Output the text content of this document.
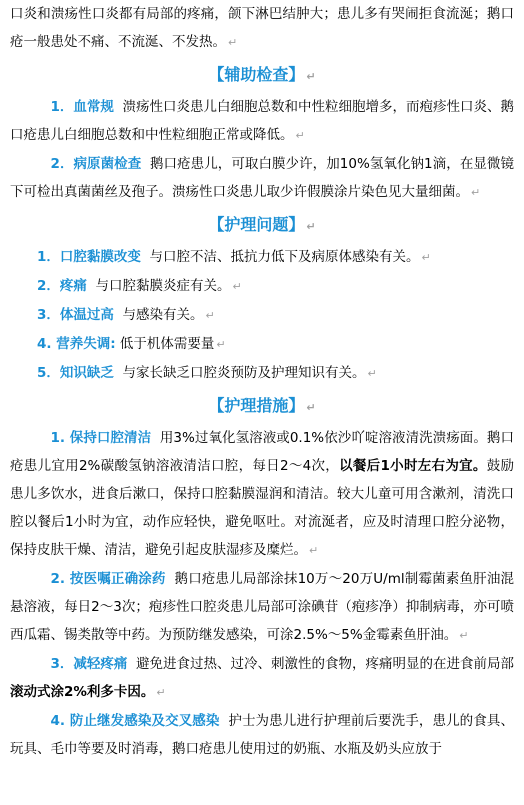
口炎和溃疡性口炎都有局部的疼痛，颌下淋巴结肿大；患儿多有哭闹拒食流涎；鹅口疮一般患处不痛、不流涎、不发热。 ↵

【辅助检查】 ↵

1．血常规 溃疡性口炎患儿白细胞总数和中性粒细胞增多，而疱疹性口炎、鹅口疮患儿白细胞总数和中性粒细胞正常或降低。 ↵

2．病原菌检查 鹅口疮患儿，可取白膜少许，加10%氢氧化钠1滴，在显微镜下可检出真菌菌丝及孢子。溃疡性口炎患儿取少许假膜涂片染色见大量细菌。 ↵

【护理问题】 ↵

1．口腔黏膜改变 与口腔不洁、抵抗力低下及病原体感染有关。 ↵

2．疼痛 与口腔黏膜炎症有关。 ↵

3．体温过高 与感染有关。 ↵

4. 营养失调: 低于机体需要量 ↵

5．知识缺乏 与家长缺乏口腔炎预防及护理知识有关。 ↵

【护理措施】 ↵

1. 保持口腔清洁 用3%过氧化氢溶液或0.1%依沙吖啶溶液清洗溃疡面。鹅口疮患儿宜用2%碳酸氢钠溶液清洁口腔，每日2～4次，以餐后1小时左右为宜。鼓励患儿多饮水，进食后漱口，保持口腔黏膜湿润和清洁。较大儿童可用含漱剂，清洗口腔以餐后1小时为宜，动作应轻快，避免呕吐。对流涎者，应及时清理口腔分泌物，保持皮肤干燥、清洁，避免引起皮肤湿疹及糜烂。 ↵

2. 按医嘱正确涂药 鹅口疮患儿局部涂抹10万～20万U/ml制霉菌素鱼肝油混悬溶液，每日2～3次；疱疹性口腔炎患儿局部可涂碘苷（疱疹净）抑制病毒，亦可喷西瓜霜、锡类散等中药。为预防继发感染，可涂2.5%～5%金霉素鱼肝油。 ↵

3．减轻疼痛 避免进食过热、过冷、刺激性的食物，疼痛明显的在进食前局部滚动式涂2%利多卡因。 ↵

4. 防止继发感染及交叉感染 护士为患儿进行护理前后要洗手，患儿的食具、玩具、毛巾等要及时消毒，鹅口疮患儿使用过的奶瓶、水瓶及奶头应放于
